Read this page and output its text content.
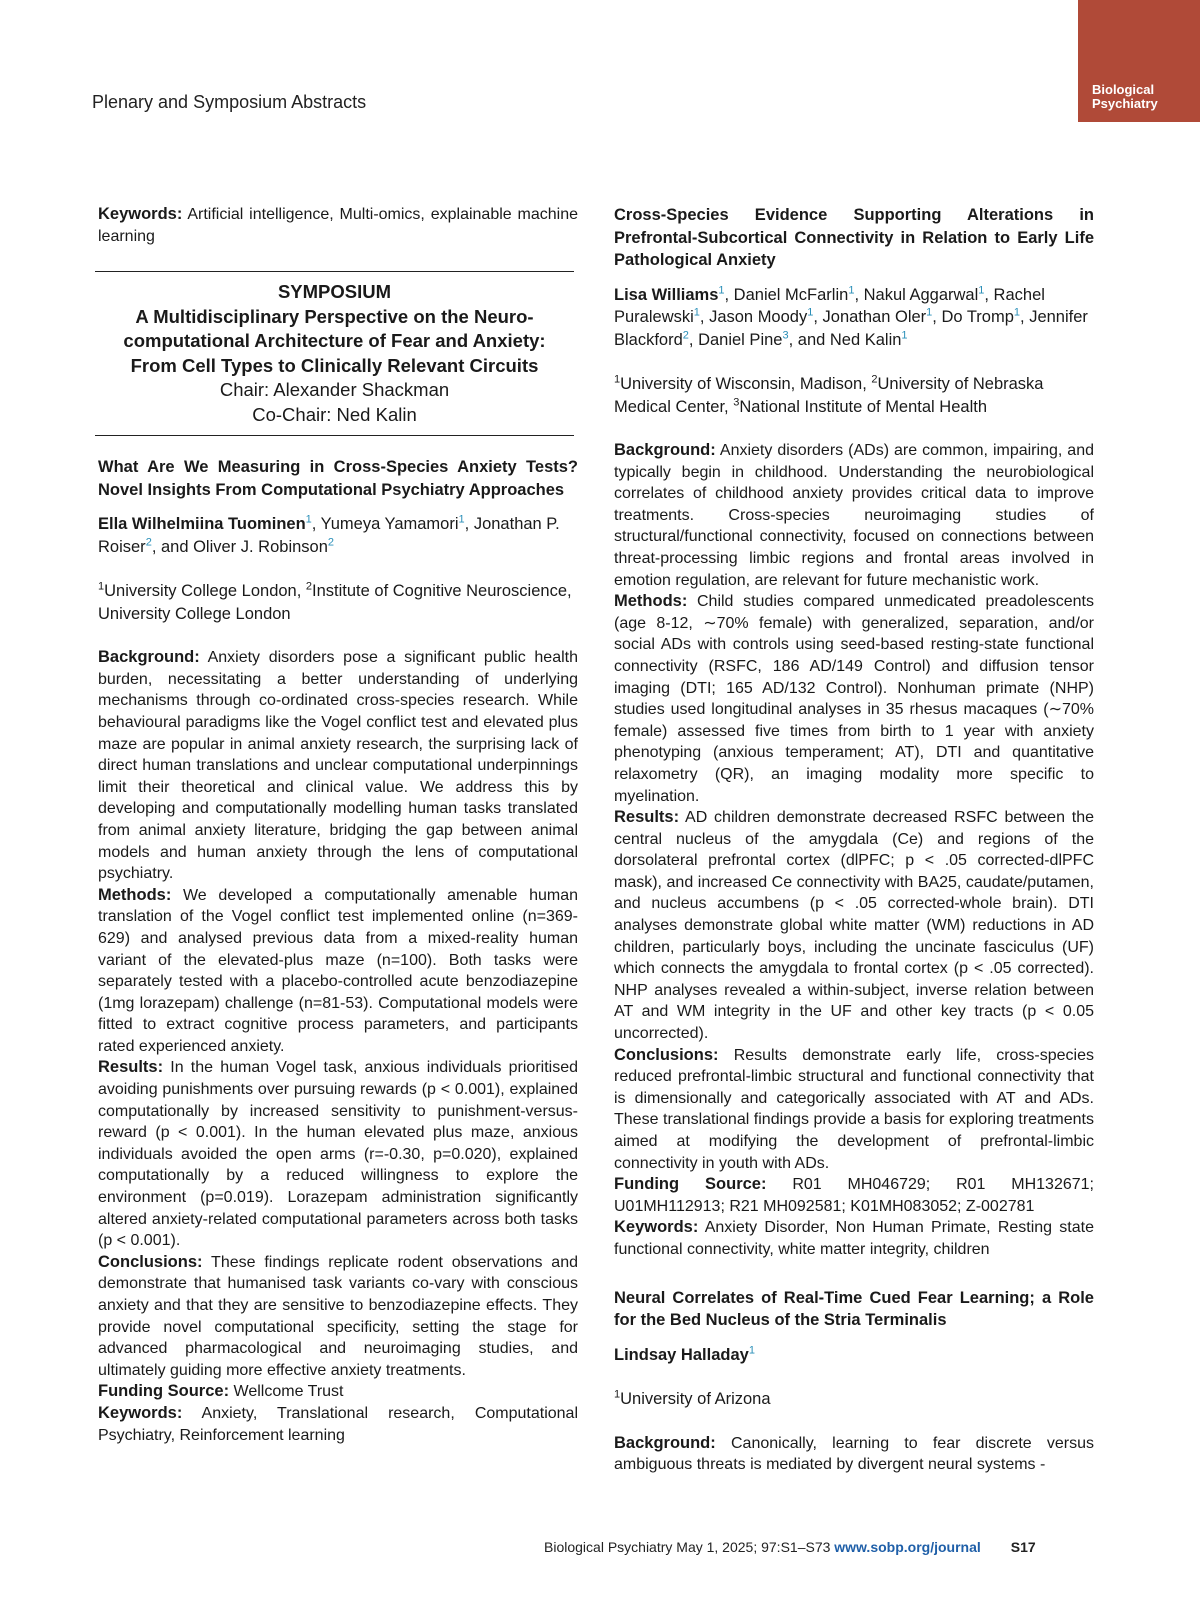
Plenary and Symposium Abstracts
Biological
Psychiatry

Keywords: Artificial intelligence, Multi-omics, explainable machine learning

SYMPOSIUM
A Multidisciplinary Perspective on the Neuro-
computational Architecture of Fear and Anxiety:
From Cell Types to Clinically Relevant Circuits
Chair: Alexander Shackman
Co-Chair: Ned Kalin

What Are We Measuring in Cross-Species Anxiety Tests? Novel Insights From Computational Psychiatry Approaches

Ella Wilhelmiina Tuominen$^1$, Yumeya Yamamori$^1$, Jonathan P. Roiser$^2$, and Oliver J. Robinson$^2$

$^1$University College London, $^2$Institute of Cognitive Neuroscience, University College London

Background: Anxiety disorders pose a significant public health burden, necessitating a better understanding of underlying mechanisms through co-ordinated cross-species research. While behavioural paradigms like the Vogel conflict test and elevated plus maze are popular in animal anxiety research, the surprising lack of direct human translations and unclear computational underpinnings limit their theoretical and clinical value. We address this by developing and computationally modelling human tasks translated from animal anxiety literature, bridging the gap between animal models and human anxiety through the lens of computational psychiatry.

Methods: We developed a computationally amenable human translation of the Vogel conflict test implemented online (n=369-629) and analysed previous data from a mixed-reality human variant of the elevated-plus maze (n=100). Both tasks were separately tested with a placebo-controlled acute benzodiazepine (1mg lorazepam) challenge (n=81-53). Computational models were fitted to extract cognitive process parameters, and participants rated experienced anxiety.

Results: In the human Vogel task, anxious individuals prioritised avoiding punishments over pursuing rewards (p < 0.001), explained computationally by increased sensitivity to punishment-versus-reward (p < 0.001). In the human elevated plus maze, anxious individuals avoided the open arms (r=-0.30, p=0.020), explained computationally by a reduced willingness to explore the environment (p=0.019). Lorazepam administration significantly altered anxiety-related computational parameters across both tasks (p < 0.001).

Conclusions: These findings replicate rodent observations and demonstrate that humanised task variants co-vary with conscious anxiety and that they are sensitive to benzodiazepine effects. They provide novel computational specificity, setting the stage for advanced pharmacological and neuroimaging studies, and ultimately guiding more effective anxiety treatments.

Funding Source: Wellcome Trust

Keywords: Anxiety, Translational research, Computational Psychiatry, Reinforcement learning

Cross-Species Evidence Supporting Alterations in Prefrontal-Subcortical Connectivity in Relation to Early Life Pathological Anxiety

Lisa Williams$^1$, Daniel McFarlin$^1$, Nakul Aggarwal$^1$, Rachel Puralewski$^1$, Jason Moody$^1$, Jonathan Oler$^1$, Do Tromp$^1$, Jennifer Blackford$^2$, Daniel Pine$^3$, and Ned Kalin$^1$

$^1$University of Wisconsin, Madison, $^2$University of Nebraska Medical Center, $^3$National Institute of Mental Health

Background: Anxiety disorders (ADs) are common, impairing, and typically begin in childhood. Understanding the neurobiological correlates of childhood anxiety provides critical data to improve treatments. Cross-species neuroimaging studies of structural/functional connectivity, focused on connections between threat-processing limbic regions and frontal areas involved in emotion regulation, are relevant for future mechanistic work.

Methods: Child studies compared unmedicated preadolescents (age 8-12, ∼70% female) with generalized, separation, and/or social ADs with controls using seed-based resting-state functional connectivity (RSFC, 186 AD/149 Control) and diffusion tensor imaging (DTI; 165 AD/132 Control). Nonhuman primate (NHP) studies used longitudinal analyses in 35 rhesus macaques (∼70% female) assessed five times from birth to 1 year with anxiety phenotyping (anxious temperament; AT), DTI and quantitative relaxometry (QR), an imaging modality more specific to myelination.

Results: AD children demonstrate decreased RSFC between the central nucleus of the amygdala (Ce) and regions of the dorsolateral prefrontal cortex (dlPFC; p < .05 corrected-dlPFC mask), and increased Ce connectivity with BA25, caudate/putamen, and nucleus accumbens (p < .05 corrected-whole brain). DTI analyses demonstrate global white matter (WM) reductions in AD children, particularly boys, including the uncinate fasciculus (UF) which connects the amygdala to frontal cortex (p < .05 corrected). NHP analyses revealed a within-subject, inverse relation between AT and WM integrity in the UF and other key tracts (p < 0.05 uncorrected).

Conclusions: Results demonstrate early life, cross-species reduced prefrontal-limbic structural and functional connectivity that is dimensionally and categorically associated with AT and ADs. These translational findings provide a basis for exploring treatments aimed at modifying the development of prefrontal-limbic connectivity in youth with ADs.

Funding Source: R01 MH046729; R01 MH132671; U01MH112913; R21 MH092581; K01MH083052; Z-002781

Keywords: Anxiety Disorder, Non Human Primate, Resting state functional connectivity, white matter integrity, children

Neural Correlates of Real-Time Cued Fear Learning; a Role for the Bed Nucleus of the Stria Terminalis

Lindsay Halladay$^1$

$^1$University of Arizona

Background: Canonically, learning to fear discrete versus ambiguous threats is mediated by divergent neural systems -

Biological Psychiatry May 1, 2025; 97:S1–S73 www.sobp.org/journal S17
